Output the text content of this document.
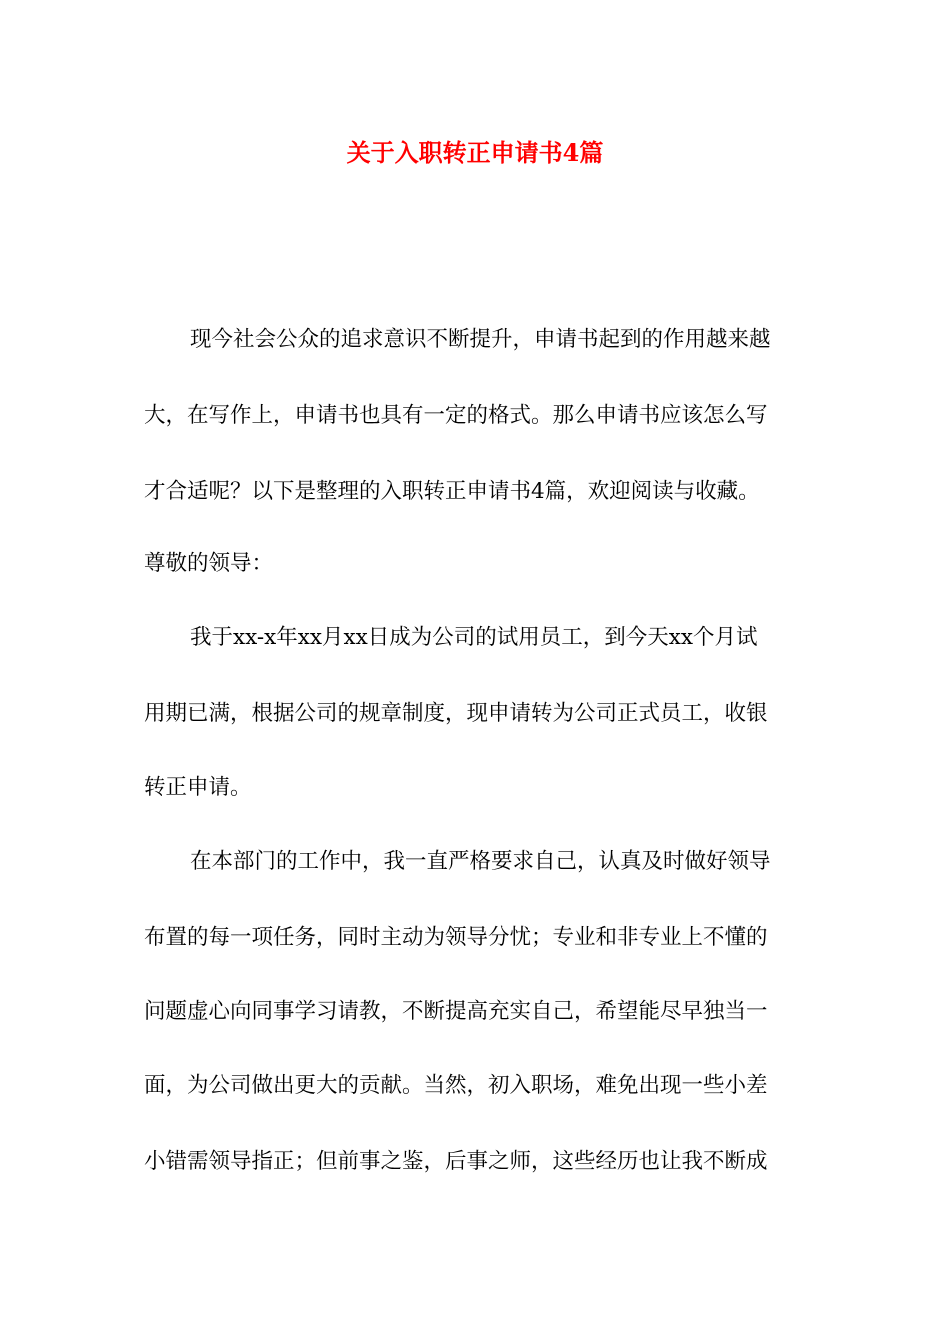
关于入职转正申请书4篇

现今社会公众的追求意识不断提升，申请书起到的作用越来越

大，在写作上，申请书也具有一定的格式。那么申请书应该怎么写

才合适呢？以下是整理的入职转正申请书4篇，欢迎阅读与收藏。

尊敬的领导：

我于xx-x年xx月xx日成为公司的试用员工，到今天xx个月试

用期已满，根据公司的规章制度，现申请转为公司正式员工，收银

转正申请。

在本部门的工作中，我一直严格要求自己，认真及时做好领导

布置的每一项任务，同时主动为领导分忧；专业和非专业上不懂的

问题虚心向同事学习请教，不断提高充实自己，希望能尽早独当一

面，为公司做出更大的贡献。当然，初入职场，难免出现一些小差

小错需领导指正；但前事之鉴，后事之师，这些经历也让我不断成
